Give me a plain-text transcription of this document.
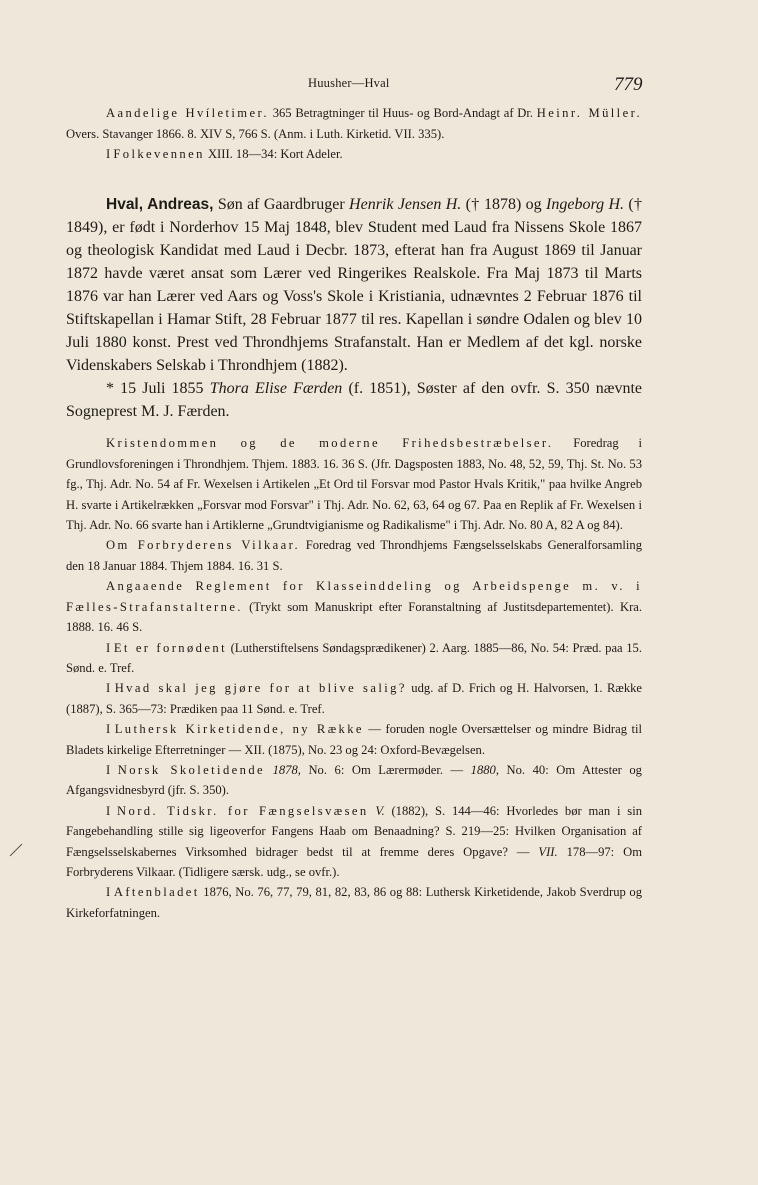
Huusher—Hval	779

Aandelige Hvíletimer. 365 Betragtninger til Huus- og Bord-Andagt af Dr. Heinr. Müller. Overs. Stavanger 1866. 8. XIV S, 766 S. (Anm. i Luth. Kirketid. VII. 335).

I Folkevennen XIII. 18—34: Kort Adeler.

Hval, Andreas, Søn af Gaardbruger Henrik Jensen H. († 1878) og Ingeborg H. († 1849), er født i Norderhov 15 Maj 1848, blev Student med Laud fra Nissens Skole 1867 og theologisk Kandidat med Laud i Decbr. 1873, efterat han fra August 1869 til Januar 1872 havde været ansat som Lærer ved Ringerikes Realskole. Fra Maj 1873 til Marts 1876 var han Lærer ved Aars og Voss's Skole i Kristiania, udnævntes 2 Februar 1876 til Stiftskapellan i Hamar Stift, 28 Februar 1877 til res. Kapellan i søndre Odalen og blev 10 Juli 1880 konst. Prest ved Throndhjems Strafanstalt. Han er Medlem af det kgl. norske Videnskabers Selskab i Throndhjem (1882).

* 15 Juli 1855 Thora Elise Færden (f. 1851), Søster af den ovfr. S. 350 nævnte Sogneprest M. J. Færden.

Kristendommen og de moderne Frihedsbestræbelser. Foredrag i Grundlovsforeningen i Throndhjem. Thjem. 1883. 16. 36 S. (Jfr. Dagsposten 1883, No. 48, 52, 59, Thj. St. No. 53 fg., Thj. Adr. No. 54 af Fr. Wexelsen i Artikelen „Et Ord til Forsvar mod Pastor Hvals Kritik," paa hvilke Angreb H. svarte i Artikelrækken „Forsvar mod Forsvar" i Thj. Adr. No. 62, 63, 64 og 67. Paa en Replik af Fr. Wexelsen i Thj. Adr. No. 66 svarte han i Artiklerne „Grundtvigianisme og Radikalisme" i Thj. Adr. No. 80 A, 82 A og 84).

Om Forbryderens Vilkaar. Foredrag ved Throndhjems Fængselsselskabs Generalforsamling den 18 Januar 1884. Thjem 1884. 16. 31 S.

Angaaende Reglement for Klasseinddeling og Arbeidspenge m. v. i Fælles-Strafanstalterne. (Trykt som Manuskript efter Foranstaltning af Justitsdepartementet). Kra. 1888. 16. 46 S.

I Et er fornødent (Lutherstiftelsens Søndagsprædikener) 2. Aarg. 1885—86, No. 54: Præd. paa 15. Sønd. e. Tref.

I Hvad skal jeg gjøre for at blive salig? udg. af D. Frich og H. Halvorsen, 1. Række (1887), S. 365—73: Prædiken paa 11 Sønd. e. Tref.

I Luthersk Kirketidende, ny Række — foruden nogle Oversættelser og mindre Bidrag til Bladets kirkelige Efterretninger — XII. (1875), No. 23 og 24: Oxford-Bevægelsen.

I Norsk Skoletidende 1878, No. 6: Om Lærermøder. — 1880, No. 40: Om Attester og Afgangsvidnesbyrd (jfr. S. 350).

I Nord. Tidskr. for Fængselsvæsen V. (1882), S. 144—46: Hvorledes bør man i sin Fangebehandling stille sig ligeoverfor Fangens Haab om Benaadning? S. 219—25: Hvilken Organisation af Fængselsselskabernes Virksomhed bidrager bedst til at fremme deres Opgave? — VII. 178—97: Om Forbryderens Vilkaar. (Tidligere særsk. udg., se ovfr.).

I Aftenbladet 1876, No. 76, 77, 79, 81, 82, 83, 86 og 88: Luthersk Kirketidende, Jakob Sverdrup og Kirkeforfatningen.
